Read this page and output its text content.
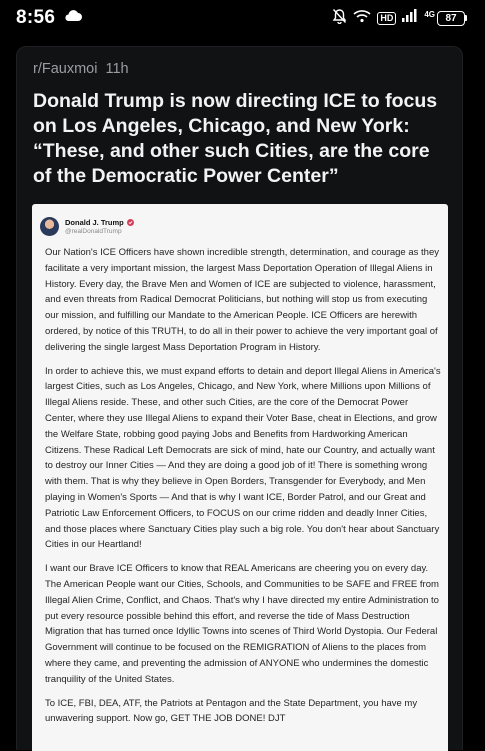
8:56	HD	4G	87
r/Fauxmoi 11h
Donald Trump is now directing ICE to focus on Los Angeles, Chicago, and New York: “These, and other such Cities, are the core of the Democratic Power Center”
Donald J. Trump
@realDonaldTrump

Our Nation's ICE Officers have shown incredible strength, determination, and courage as they facilitate a very important mission, the largest Mass Deportation Operation of Illegal Aliens in History. Every day, the Brave Men and Women of ICE are subjected to violence, harassment, and even threats from Radical Democrat Politicians, but nothing will stop us from executing our mission, and fulfilling our Mandate to the American People. ICE Officers are herewith ordered, by notice of this TRUTH, to do all in their power to achieve the very important goal of delivering the single largest Mass Deportation Program in History.

In order to achieve this, we must expand efforts to detain and deport Illegal Aliens in America's largest Cities, such as Los Angeles, Chicago, and New York, where Millions upon Millions of Illegal Aliens reside. These, and other such Cities, are the core of the Democrat Power Center, where they use Illegal Aliens to expand their Voter Base, cheat in Elections, and grow the Welfare State, robbing good paying Jobs and Benefits from Hardworking American Citizens. These Radical Left Democrats are sick of mind, hate our Country, and actually want to destroy our Inner Cities — And they are doing a good job of it! There is something wrong with them. That is why they believe in Open Borders, Transgender for Everybody, and Men playing in Women's Sports — And that is why I want ICE, Border Patrol, and our Great and Patriotic Law Enforcement Officers, to FOCUS on our crime ridden and deadly Inner Cities, and those places where Sanctuary Cities play such a big role. You don't hear about Sanctuary Cities in our Heartland!

I want our Brave ICE Officers to know that REAL Americans are cheering you on every day. The American People want our Cities, Schools, and Communities to be SAFE and FREE from Illegal Alien Crime, Conflict, and Chaos. That's why I have directed my entire Administration to put every resource possible behind this effort, and reverse the tide of Mass Destruction Migration that has turned once Idyllic Towns into scenes of Third World Dystopia. Our Federal Government will continue to be focused on the REMIGRATION of Aliens to the places from where they came, and preventing the admission of ANYONE who undermines the domestic tranquility of the United States.

To ICE, FBI, DEA, ATF, the Patriots at Pentagon and the State Department, you have my unwavering support. Now go, GET THE JOB DONE! DJT
